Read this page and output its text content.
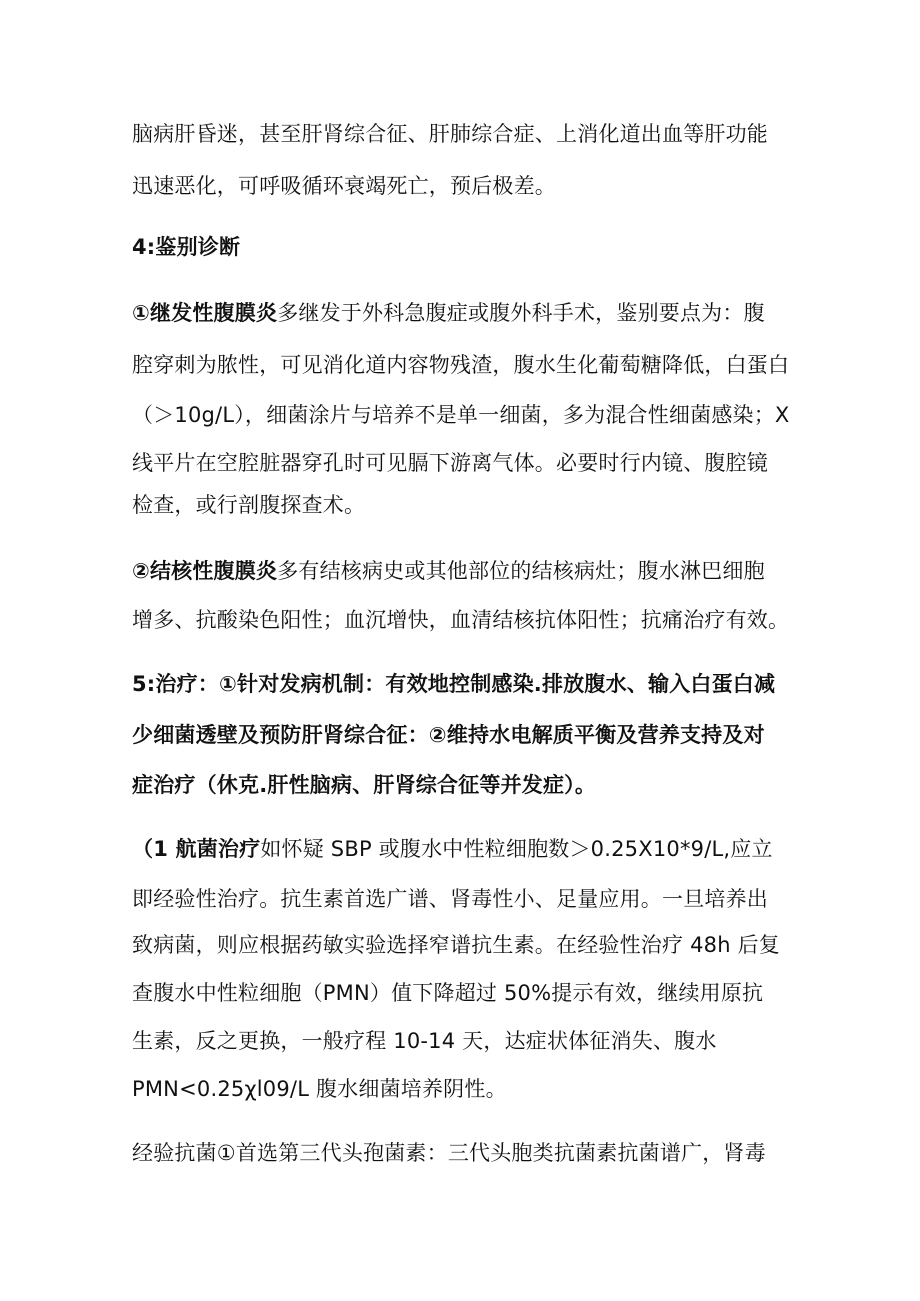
脑病肝昏迷，甚至肝肾综合征、肝肺综合症、上消化道出血等肝功能
迅速恶化，可呼吸循环衰竭死亡，预后极差。
4:鉴别诊断
①继发性腹膜炎多继发于外科急腹症或腹外科手术，鉴别要点为：腹
腔穿刺为脓性，可见消化道内容物残渣，腹水生化葡萄糖降低，白蛋白
（＞10g/L），细菌涂片与培养不是单一细菌，多为混合性细菌感染；X
线平片在空腔脏器穿孔时可见膈下游离气体。必要时行内镜、腹腔镜
检查，或行剖腹探查术。
②结核性腹膜炎多有结核病史或其他部位的结核病灶；腹水淋巴细胞
增多、抗酸染色阳性；血沉增快，血清结核抗体阳性；抗痛治疗有效。
5:治疗：①针对发病机制：有效地控制感染.排放腹水、输入白蛋白减
少细菌透壁及预防肝肾综合征：②维持水电解质平衡及营养支持及对
症治疗（休克.肝性脑病、肝肾综合征等并发症）。
（1 航菌治疗如怀疑 SBP 或腹水中性粒细胞数＞0.25X10*9/L,应立
即经验性治疗。抗生素首选广谱、肾毒性小、足量应用。一旦培养出
致病菌，则应根据药敏实验选择窄谱抗生素。在经验性治疗 48h 后复
查腹水中性粒细胞（PMN）值下降超过 50%提示有效，继续用原抗
生素，反之更换，一般疗程 10-14 天，达症状体征消失、腹水
PMN<0.25χl09/L 腹水细菌培养阴性。
经验抗菌①首选第三代头孢菌素：三代头胞类抗菌素抗菌谱广，肾毒
